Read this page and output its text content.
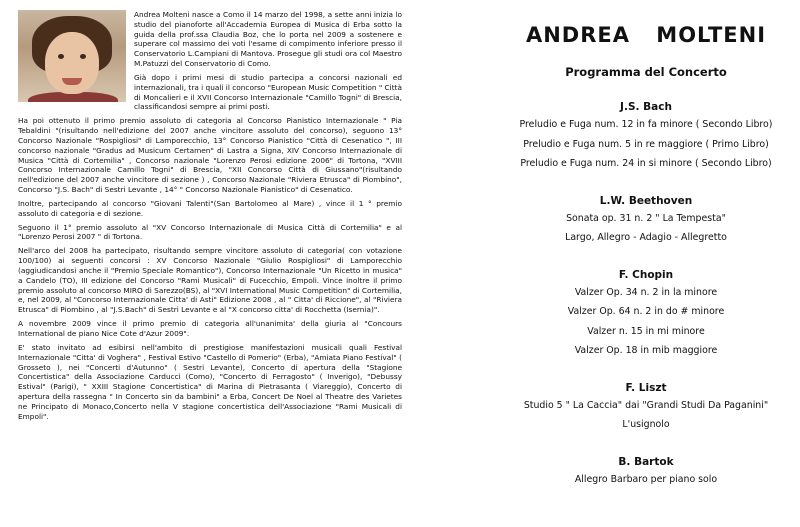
Andrea Molteni nasce a Como il 14 marzo del 1998, a sette anni inizia lo studio del pianoforte all'Accademia Europea di Musica di Erba sotto la guida della prof.ssa Claudia Boz, che lo porta nel 2009 a sostenere e superare col massimo dei voti l'esame di compimento inferiore presso il Conservatorio L.Campiani di Mantova. Prosegue gli studi ora col Maestro M.Patuzzi del Conservatorio di Como.

Già dopo i primi mesi di studio partecipa a concorsi nazionali ed internazionali, tra i quali il concorso "European Music Competition " Città di Moncalieri e il XVII Concorso Internazionale "Camillo Togni" di Brescia, classificandosi sempre ai primi posti.

Ha poi ottenuto il primo premio assoluto di categoria al Concorso Pianistico Internazionale " Pia Tebaldini "(risultando nell'edizione del 2007 anche vincitore assoluto del concorso), seguono 13° Concorso Nazionale "Rospigliosi" di Lamporecchio, 13° Concorso Pianistico "Città di Cesenatico ", III concorso nazionale "Gradus ad Musicum Certamen" di Lastra a Signa, XIV Concorso Internazionale di Musica "Città di Cortemilia" , Concorso nazionale "Lorenzo Perosi edizione 2006" di Tortona, "XVIII Concorso Internazionale Camillo Togni" di Brescia, "XII Concorso Città di Giussano"(risultando nell'edizione del 2007 anche vincitore di sezione ) , Concorso Nazionale "Riviera Etrusca" di Piombino", Concorso "J.S. Bach" di Sestri Levante , 14° " Concorso Nazionale Pianistico" di Cesenatico.

Inoltre, partecipando al concorso "Giovani Talenti"(San Bartolomeo al Mare) , vince il 1 ° premio assoluto di categoria e di sezione.

Seguono il 1° premio assoluto al "XV Concorso Internazionale di Musica Città di Cortemilia" e al "Lorenzo Perosi 2007 " di Tortona.

Nell'arco del 2008 ha partecipato, risultando sempre vincitore assoluto di categoria( con votazione 100/100) ai seguenti concorsi : XV Concorso Nazionale "Giulio Rospigliosi" di Lamporecchio (aggiudicandosi anche il "Premio Speciale Romantico"), Concorso Internazionale "Un Ricetto in musica" a Candelo (TO), III edizione del Concorso "Rami Musicali" di Fucecchio, Empoli. Vince inoltre il primo premio assoluto al concorso MIRO di Sarezzo(BS), al "XVI International Music Competition" di Cortemilia, e, nel 2009, al "Concorso Internazionale Citta' di Asti" Edizione 2008 , al " Citta' di Riccione", al "Riviera Etrusca" di Piombino , al "J.S.Bach" di Sestri Levante e al "X concorso citta' di Rocchetta (Isernia)".

A novembre 2009 vince il primo premio di categoria all'unanimita' della giuria al "Concours International de piano Nice Cote d'Azur 2009".

E' stato invitato ad esibirsi nell'ambito di prestigiose manifestazioni musicali quali Festival Internazionale "Citta' di Voghera" , Festival Estivo "Castello di Pomerio" (Erba), "Amiata Piano Festival" ( Grosseto ), nei "Concerti d'Autunno" ( Sestri Levante), Concerto di apertura della "Stagione Concertistica" della Associazione Carducci (Como), "Concerto di Ferragosto" ( Inverigo), "Debussy Estival" (Parigi), " XXIII Stagione Concertistica" di Marina di Pietrasanta ( Viareggio), Concerto di apertura della rassegna " In Concerto sin da bambini" a Erba, Concert De Noel al Theatre des Varietes ne Principato di Monaco,Concerto nella V stagione concertistica dell'Associazione "Rami Musicali di Empoli".

ANDREA MOLTENI
Programma del Concerto
J.S. Bach
Preludio e Fuga num. 12 in fa minore ( Secondo Libro)
Preludio e Fuga num. 5 in re maggiore ( Primo Libro)
Preludio e Fuga num. 24 in si minore ( Secondo Libro)
L.W. Beethoven
Sonata op. 31 n. 2 " La Tempesta"
Largo, Allegro - Adagio - Allegretto
F. Chopin
Valzer Op. 34 n. 2 in la minore
Valzer Op. 64 n. 2 in do # minore
Valzer n. 15 in mi minore
Valzer Op. 18 in mib maggiore
F. Liszt
Studio 5 " La Caccia" dai "Grandi Studi Da Paganini"
L'usignolo
B. Bartok
Allegro Barbaro per piano solo
